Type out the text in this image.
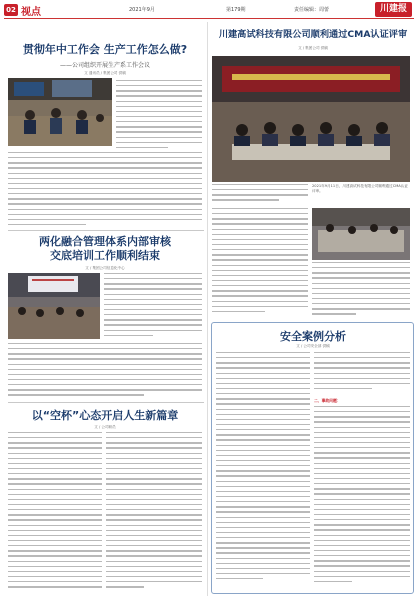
02 视点	2021年9月	第179期	责任编辑：周蕾	川建报
贯彻年中工作会 生产工作怎么做?
——公司组织开展生产系工作会议
文 通讯员 / 集团公司 供稿
两化融合管理体系内部审核
交底培训工作顺利结束
文 / 集团公司信息化中心
以“空杯”心态开启人生新篇章
文 / 公司职员
川建高试科技有限公司顺利通过CMA认证评审
文 / 集团公司 供稿
2021年9月11日，川建高试科技有限公司顺利通过CMA认证评审。
安全案例分析
文 / 公司安全部 供稿
二、事故问题：
